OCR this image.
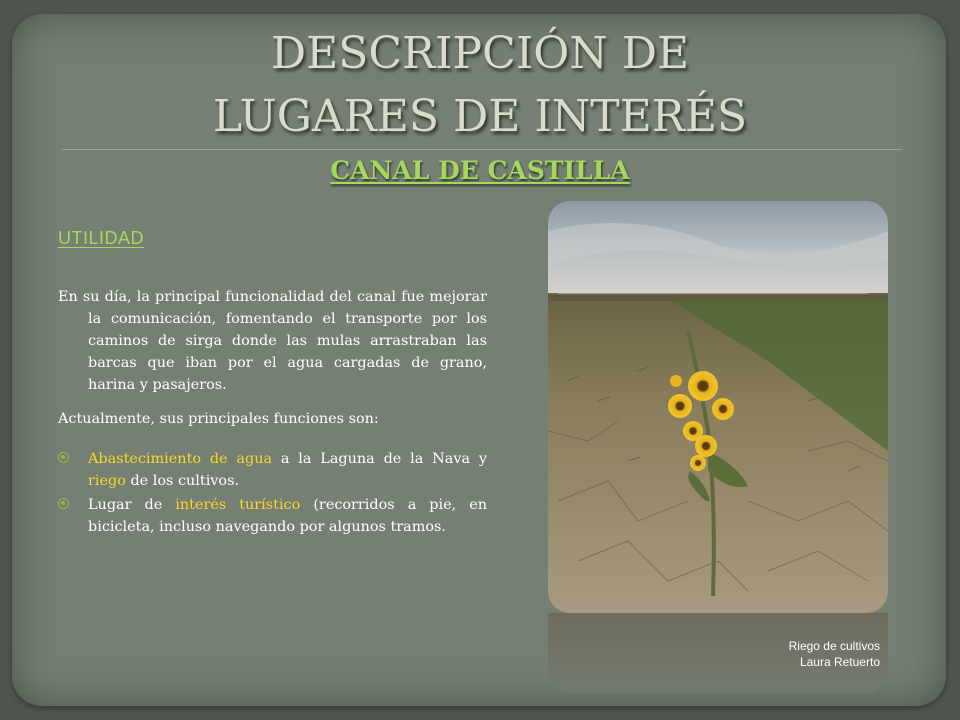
DESCRIPCIÓN DE
LUGARES DE INTERÉS
CANAL DE CASTILLA
UTILIDAD

En su día, la principal funcionalidad del canal fue mejorar la comunicación, fomentando el transporte por los caminos de sirga donde las mulas arrastraban las barcas que iban por el agua cargadas de grano, harina y pasajeros.

Actualmente, sus principales funciones son:

Abastecimiento de agua a la Laguna de la Nava y riego de los cultivos.
Lugar de interés turístico (recorridos a pie, en bicicleta, incluso navegando por algunos tramos.
Riego de cultivos
Laura Retuerto
